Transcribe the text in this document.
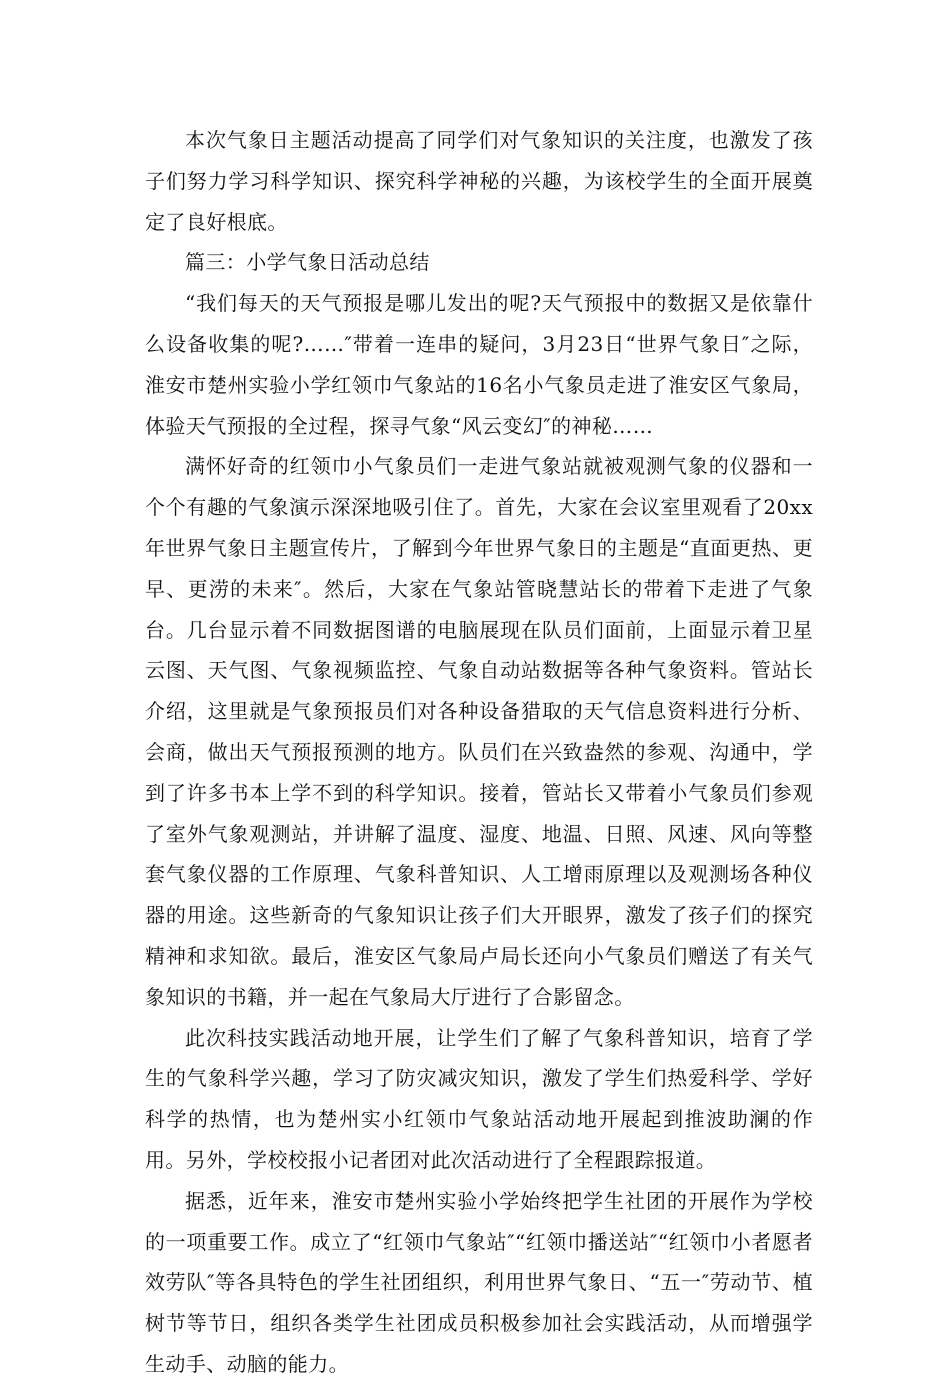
本次气象日主题活动提高了同学们对气象知识的关注度，也激发了孩子们努力学习科学知识、探究科学神秘的兴趣，为该校学生的全面开展奠定了良好根底。

篇三：小学气象日活动总结

“我们每天的天气预报是哪儿发出的呢?天气预报中的数据又是依靠什么设备收集的呢?……″带着一连串的疑问，3月23日“世界气象日″之际，淮安市楚州实验小学红领巾气象站的16名小气象员走进了淮安区气象局，体验天气预报的全过程，探寻气象“风云变幻″的神秘……

满怀好奇的红领巾小气象员们一走进气象站就被观测气象的仪器和一个个有趣的气象演示深深地吸引住了。首先，大家在会议室里观看了20xx年世界气象日主题宣传片，了解到今年世界气象日的主题是“直面更热、更早、更涝的未来″。然后，大家在气象站管晓慧站长的带着下走进了气象台。几台显示着不同数据图谱的电脑展现在队员们面前，上面显示着卫星云图、天气图、气象视频监控、气象自动站数据等各种气象资料。管站长介绍，这里就是气象预报员们对各种设备猎取的天气信息资料进行分析、会商，做出天气预报预测的地方。队员们在兴致盎然的参观、沟通中，学到了许多书本上学不到的科学知识。接着，管站长又带着小气象员们参观了室外气象观测站，并讲解了温度、湿度、地温、日照、风速、风向等整套气象仪器的工作原理、气象科普知识、人工增雨原理以及观测场各种仪器的用途。这些新奇的气象知识让孩子们大开眼界，激发了孩子们的探究精神和求知欲。最后，淮安区气象局卢局长还向小气象员们赠送了有关气象知识的书籍，并一起在气象局大厅进行了合影留念。

此次科技实践活动地开展，让学生们了解了气象科普知识，培育了学生的气象科学兴趣，学习了防灾减灾知识，激发了学生们热爱科学、学好科学的热情，也为楚州实小红领巾气象站活动地开展起到推波助澜的作用。另外，学校校报小记者团对此次活动进行了全程跟踪报道。

据悉，近年来，淮安市楚州实验小学始终把学生社团的开展作为学校的一项重要工作。成立了“红领巾气象站″“红领巾播送站″“红领巾小者愿者效劳队″等各具特色的学生社团组织，利用世界气象日、“五一″劳动节、植树节等节日，组织各类学生社团成员积极参加社会实践活动，从而增强学生动手、动脑的能力。
